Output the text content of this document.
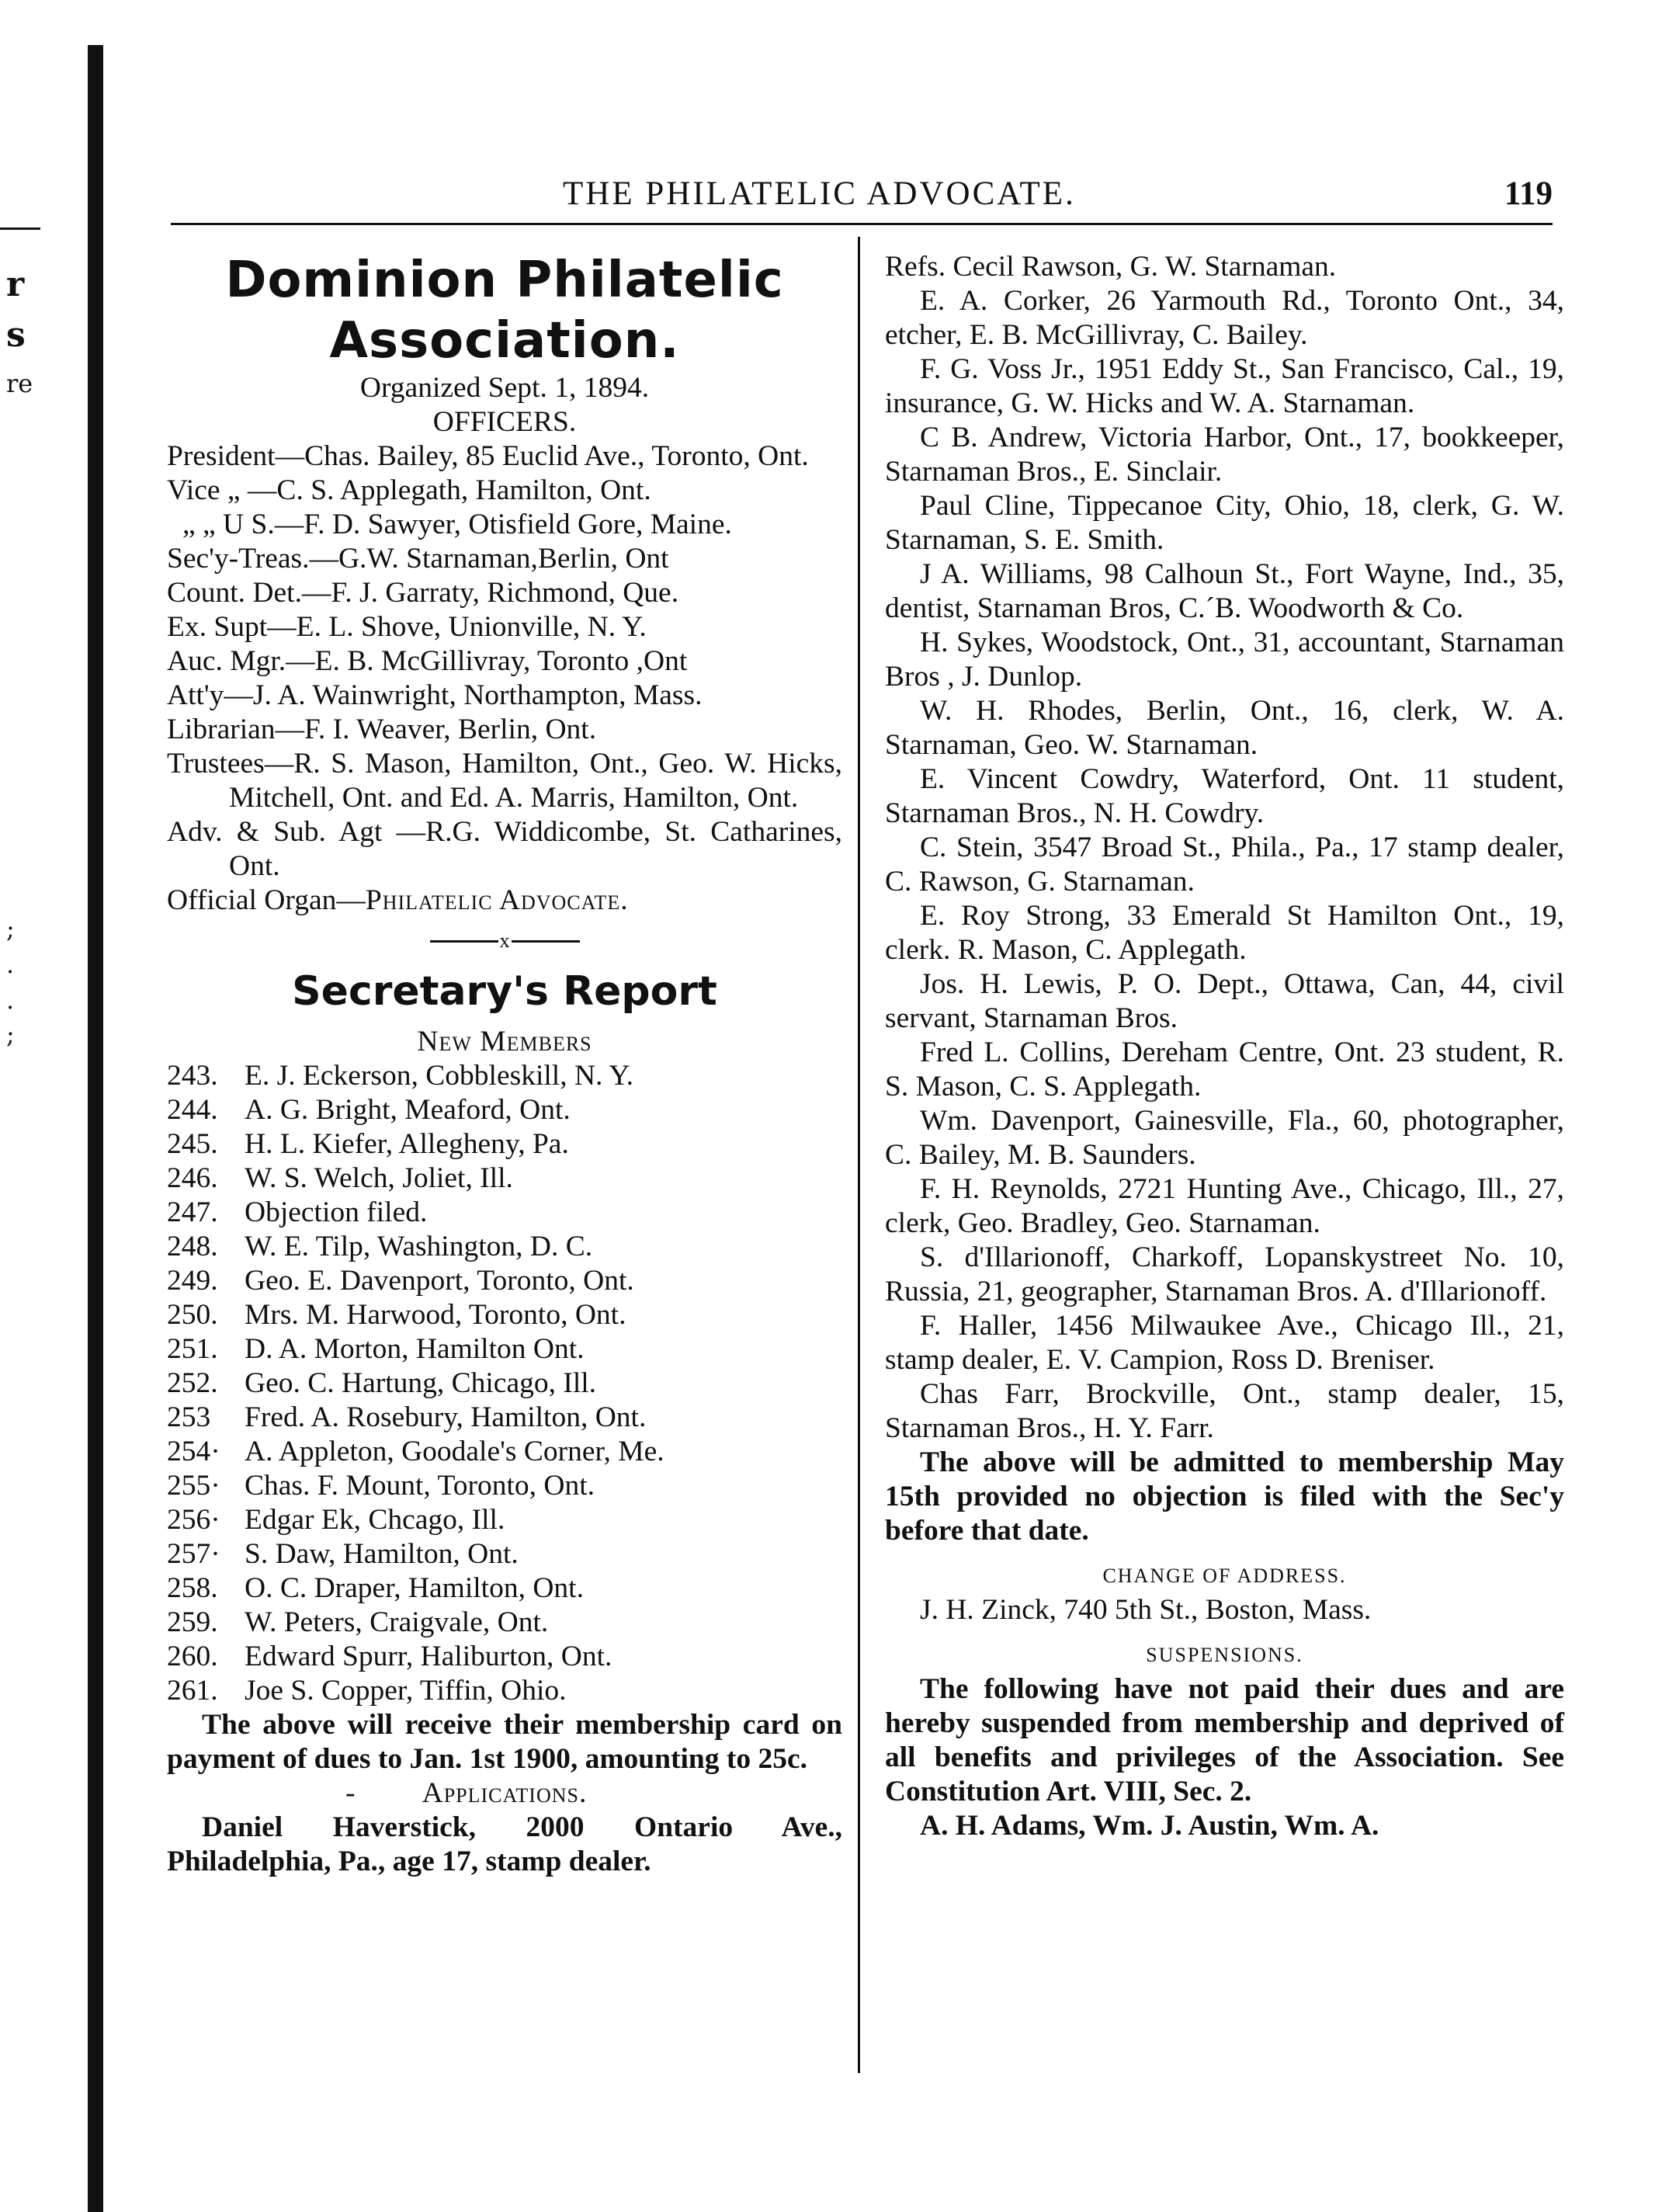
r
s
re
;
.
.
;
THE PHILATELIC ADVOCATE.	119

Dominion Philatelic

Association.

Organized Sept. 1, 1894.

OFFICERS.

President—Chas. Bailey, 85 Euclid Ave., Toronto, Ont.

Vice „ —C. S. Applegath, Hamilton, Ont.

„ „ U S.—F. D. Sawyer, Otisfield Gore, Maine.

Sec'y-Treas.—G.W. Starnaman,Berlin, Ont

Count. Det.—F. J. Garraty, Richmond, Que.

Ex. Supt—E. L. Shove, Unionville, N. Y.

Auc. Mgr.—E. B. McGillivray, Toronto ,Ont

Att'y—J. A. Wainwright, Northampton, Mass.

Librarian—F. I. Weaver, Berlin, Ont.

Trustees—R. S. Mason, Hamilton, Ont., Geo. W. Hicks, Mitchell, Ont. and Ed. A. Marris, Hamilton, Ont.

Adv. & Sub. Agt —R.G. Widdicombe, St. Catharines, Ont.

Official Organ—Philatelic Advocate.

x

Secretary's Report

New Members

243. E. J. Eckerson, Cobbleskill, N. Y.

244. A. G. Bright, Meaford, Ont.

245. H. L. Kiefer, Allegheny, Pa.

246. W. S. Welch, Joliet, Ill.

247. Objection filed.

248. W. E. Tilp, Washington, D. C.

249. Geo. E. Davenport, Toronto, Ont.

250. Mrs. M. Harwood, Toronto, Ont.

251. D. A. Morton, Hamilton Ont.

252. Geo. C. Hartung, Chicago, Ill.

253 Fred. A. Rosebury, Hamilton, Ont.

254· A. Appleton, Goodale's Corner, Me.

255· Chas. F. Mount, Toronto, Ont.

256· Edgar Ek, Chcago, Ill.

257· S. Daw, Hamilton, Ont.

258. O. C. Draper, Hamilton, Ont.

259. W. Peters, Craigvale, Ont.

260. Edward Spurr, Haliburton, Ont.

261. Joe S. Copper, Tiffin, Ohio.

The above will receive their membership card on payment of dues to Jan. 1st 1900, amounting to 25c.

- Applications.

Daniel Haverstick, 2000 Ontario Ave., Philadelphia, Pa., age 17, stamp dealer.

Refs. Cecil Rawson, G. W. Starnaman.

E. A. Corker, 26 Yarmouth Rd., Toronto Ont., 34, etcher, E. B. McGillivray, C. Bailey.

F. G. Voss Jr., 1951 Eddy St., San Francisco, Cal., 19, insurance, G. W. Hicks and W. A. Starnaman.

C B. Andrew, Victoria Harbor, Ont., 17, bookkeeper, Starnaman Bros., E. Sinclair.

Paul Cline, Tippecanoe City, Ohio, 18, clerk, G. W. Starnaman, S. E. Smith.

J A. Williams, 98 Calhoun St., Fort Wayne, Ind., 35, dentist, Starnaman Bros, C.´B. Woodworth & Co.

H. Sykes, Woodstock, Ont., 31, accountant, Starnaman Bros , J. Dunlop.

W. H. Rhodes, Berlin, Ont., 16, clerk, W. A. Starnaman, Geo. W. Starnaman.

E. Vincent Cowdry, Waterford, Ont. 11 student, Starnaman Bros., N. H. Cowdry.

C. Stein, 3547 Broad St., Phila., Pa., 17 stamp dealer, C. Rawson, G. Starnaman.

E. Roy Strong, 33 Emerald St Hamilton Ont., 19, clerk. R. Mason, C. Applegath.

Jos. H. Lewis, P. O. Dept., Ottawa, Can, 44, civil servant, Starnaman Bros.

Fred L. Collins, Dereham Centre, Ont. 23 student, R. S. Mason, C. S. Applegath.

Wm. Davenport, Gainesville, Fla., 60, photographer, C. Bailey, M. B. Saunders.

F. H. Reynolds, 2721 Hunting Ave., Chicago, Ill., 27, clerk, Geo. Bradley, Geo. Starnaman.

S. d'Illarionoff, Charkoff, Lopanskystreet No. 10, Russia, 21, geographer, Starnaman Bros. A. d'Illarionoff.

F. Haller, 1456 Milwaukee Ave., Chicago Ill., 21, stamp dealer, E. V. Campion, Ross D. Breniser.

Chas Farr, Brockville, Ont., stamp dealer, 15, Starnaman Bros., H. Y. Farr.

The above will be admitted to membership May 15th provided no objection is filed with the Sec'y before that date.

CHANGE OF ADDRESS.

J. H. Zinck, 740 5th St., Boston, Mass.

SUSPENSIONS.

The following have not paid their dues and are hereby suspended from membership and deprived of all benefits and privileges of the Association. See Constitution Art. VIII, Sec. 2.

A. H. Adams, Wm. J. Austin, Wm. A.
